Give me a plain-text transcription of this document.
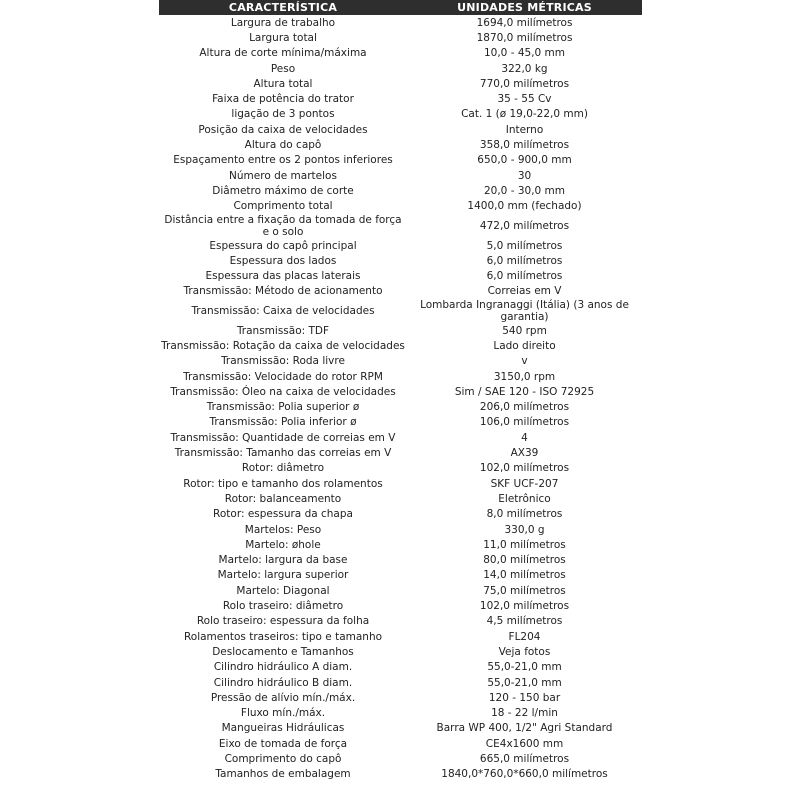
CARACTERÍSTICA	UNIDADES MÉTRICAS
Largura de trabalho	1694,0 milímetros
Largura total	1870,0 milímetros
Altura de corte mínima/máxima	10,0 - 45,0 mm
Peso	322,0 kg
Altura total	770,0 milímetros
Faixa de potência do trator	35 - 55 Cv
ligação de 3 pontos	Cat. 1 (ø 19,0-22,0 mm)
Posição da caixa de velocidades	Interno
Altura do capô	358,0 milímetros
Espaçamento entre os 2 pontos inferiores	650,0 - 900,0 mm
Número de martelos	30
Diâmetro máximo de corte	20,0 - 30,0 mm
Comprimento total	1400,0 mm (fechado)
Distância entre a fixação da tomada de força e o solo	472,0 milímetros
Espessura do capô principal	5,0 milímetros
Espessura dos lados	6,0 milímetros
Espessura das placas laterais	6,0 milímetros
Transmissão: Método de acionamento	Correias em V
Transmissão: Caixa de velocidades	Lombarda Ingranaggi (Itália) (3 anos de garantia)
Transmissão: TDF	540 rpm
Transmissão: Rotação da caixa de velocidades	Lado direito
Transmissão: Roda livre	v
Transmissão: Velocidade do rotor RPM	3150,0 rpm
Transmissão: Óleo na caixa de velocidades	Sim / SAE 120 - ISO 72925
Transmissão: Polia superior ø	206,0 milímetros
Transmissão: Polia inferior ø	106,0 milímetros
Transmissão: Quantidade de correias em V	4
Transmissão: Tamanho das correias em V	AX39
Rotor: diâmetro	102,0 milímetros
Rotor: tipo e tamanho dos rolamentos	SKF UCF-207
Rotor: balanceamento	Eletrônico
Rotor: espessura da chapa	8,0 milímetros
Martelos: Peso	330,0 g
Martelo: øhole	11,0 milímetros
Martelo: largura da base	80,0 milímetros
Martelo: largura superior	14,0 milímetros
Martelo: Diagonal	75,0 milímetros
Rolo traseiro: diâmetro	102,0 milímetros
Rolo traseiro: espessura da folha	4,5 milímetros
Rolamentos traseiros: tipo e tamanho	FL204
Deslocamento e Tamanhos	Veja fotos
Cilindro hidráulico A diam.	55,0-21,0 mm
Cilindro hidráulico B diam.	55,0-21,0 mm
Pressão de alívio mín./máx.	120 - 150 bar
Fluxo mín./máx.	18 - 22 l/min
Mangueiras Hidráulicas	Barra WP 400, 1/2" Agri Standard
Eixo de tomada de força	CE4x1600 mm
Comprimento do capô	665,0 milímetros
Tamanhos de embalagem	1840,0*760,0*660,0 milímetros
